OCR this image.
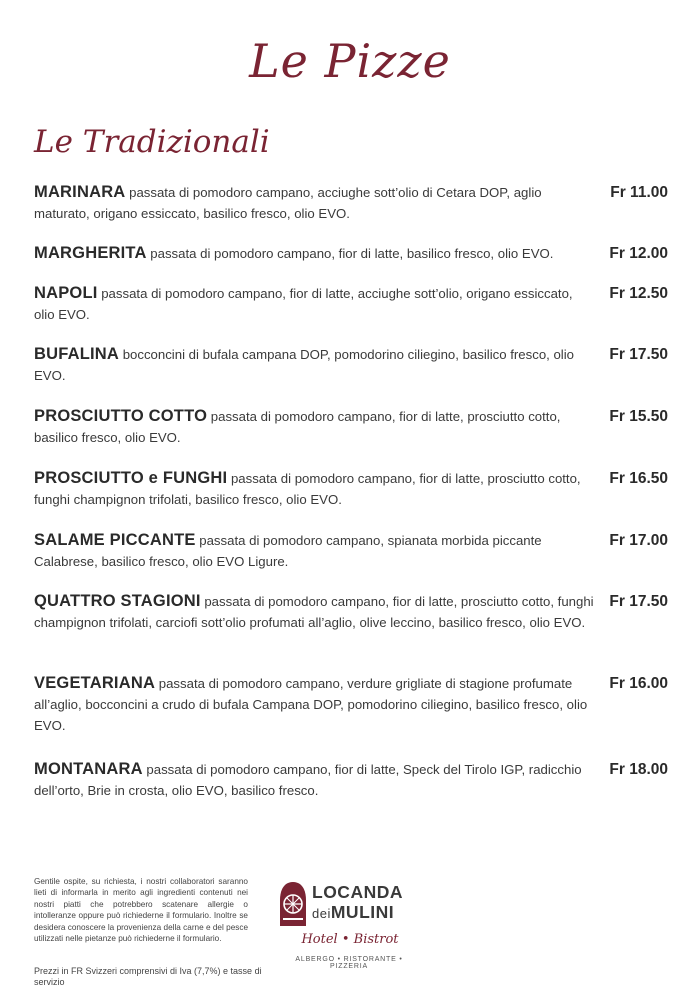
Le Pizze
Le Tradizionali
MARINARA passata di pomodoro campano, acciughe sott’olio di Cetara DOP, aglio maturato, origano essiccato, basilico fresco, olio EVO.
Fr 11.00
MARGHERITA passata di pomodoro campano, fior di latte, basilico fresco, olio EVO.	Fr 12.00
NAPOLI passata di pomodoro campano, fior di latte, acciughe sott’olio, origano essiccato, olio EVO.
Fr 12.50
BUFALINA bocconcini di bufala campana DOP, pomodorino ciliegino, basilico fresco, olio EVO.
Fr 17.50
PROSCIUTTO COTTO passata di pomodoro campano, fior di latte, prosciutto cotto, basilico fresco, olio EVO.
Fr 15.50
PROSCIUTTO e FUNGHI passata di pomodoro campano, fior di latte, prosciutto cotto, funghi champignon trifolati, basilico fresco, olio EVO.
Fr 16.50
SALAME PICCANTE passata di pomodoro campano, spianata morbida piccante Calabrese, basilico fresco, olio EVO Ligure.
Fr 17.00
QUATTRO STAGIONI passata di pomodoro campano, fior di latte, prosciutto cotto, funghi champignon trifolati, carciofi sott’olio profumati all’aglio, olive leccino, basilico fresco, olio EVO.
Fr 17.50
VEGETARIANA passata di pomodoro campano, verdure grigliate di stagione profumate all’aglio, bocconcini a crudo di bufala Campana DOP, pomodorino ciliegino, basilico fresco, olio EVO.
Fr 16.00
MONTANARA passata di pomodoro campano, fior di latte, Speck del Tirolo IGP, radicchio dell’orto, Brie in crosta, olio EVO, basilico fresco.
Fr 18.00
Gentile ospite, su richiesta, i nostri collaboratori saranno lieti di informarla in merito agli ingredienti contenuti nei nostri piatti che potrebbero scatenare allergie o intolleranze oppure può richiederne il formulario. Inoltre se desidera conoscere la provenienza della carne e del pesce utilizzati nelle pietanze può richiederne il formulario.
Prezzi in FR Svizzeri comprensivi di Iva (7,7%) e tasse di servizio
LOCANDA
deiMULINI
Hotel • Bistrot
ALBERGO • RISTORANTE • PIZZERIA
